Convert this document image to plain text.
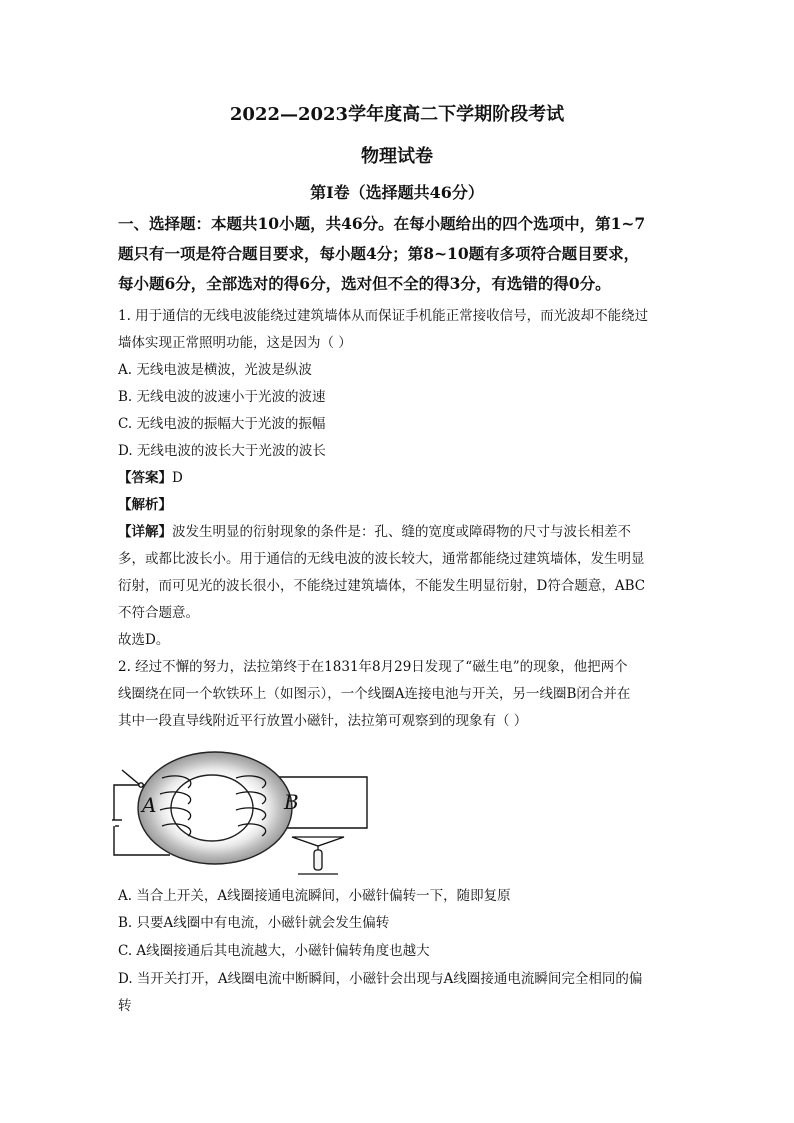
2022—2023学年度高二下学期阶段考试
物理试卷
第Ⅰ卷（选择题共46分）
一、选择题：本题共10小题，共46分。在每小题给出的四个选项中，第1~7
题只有一项是符合题目要求，每小题4分；第8~10题有多项符合题目要求，
每小题6分，全部选对的得6分，选对但不全的得3分，有选错的得0分。
1. 用于通信的无线电波能绕过建筑墙体从而保证手机能正常接收信号，而光波却不能绕过
墙体实现正常照明功能，这是因为（ ）
A. 无线电波是横波，光波是纵波
B. 无线电波的波速小于光波的波速
C. 无线电波的振幅大于光波的振幅
D. 无线电波的波长大于光波的波长
【答案】D
【解析】
【详解】波发生明显的衍射现象的条件是：孔、缝的宽度或障碍物的尺寸与波长相差不
多，或都比波长小。用于通信的无线电波的波长较大，通常都能绕过建筑墙体，发生明显
衍射，而可见光的波长很小，不能绕过建筑墙体，不能发生明显衍射，D符合题意，ABC
不符合题意。
故选D。
2. 经过不懈的努力，法拉第终于在1831年8月29日发现了“磁生电”的现象，他把两个
线圈绕在同一个软铁环上（如图示），一个线圈A连接电池与开关，另一线圈B闭合并在
其中一段直导线附近平行放置小磁针，法拉第可观察到的现象有（ ）
A	B
A. 当合上开关，A线圈接通电流瞬间，小磁针偏转一下，随即复原
B. 只要A线圈中有电流，小磁针就会发生偏转
C. A线圈接通后其电流越大，小磁针偏转角度也越大
D. 当开关打开，A线圈电流中断瞬间，小磁针会出现与A线圈接通电流瞬间完全相同的偏
转
